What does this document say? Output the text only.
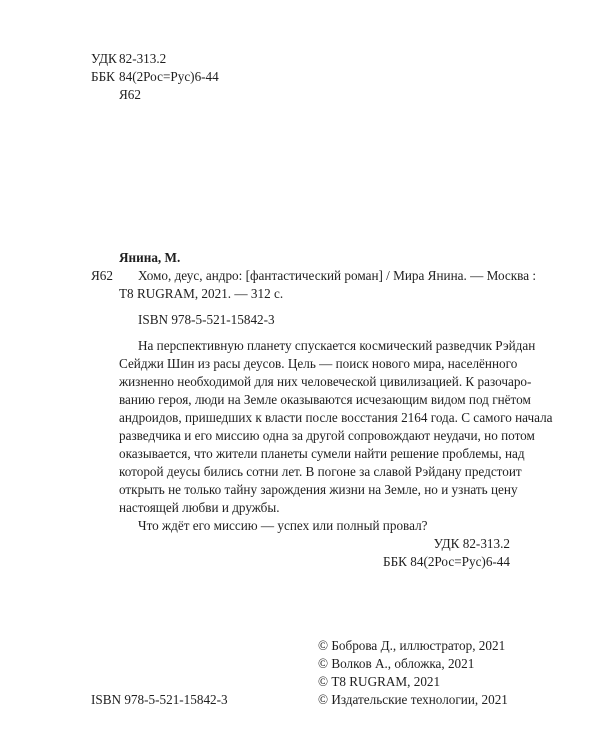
УДК 82-313.2
ББК 84(2Рос=Рус)6-44
Я62
Янина, М.
Я62 Хомо, деус, андро: [фантастический роман] / Мира Янина. — Москва :
Т8 RUGRAM, 2021. — 312 с.
ISBN 978-5-521-15842-3
На перспективную планету спускается космический разведчик Рэйдан
Сейджи Шин из расы деусов. Цель — поиск нового мира, населённого
жизненно необходимой для них человеческой цивилизацией. К разочаро-
ванию героя, люди на Земле оказываются исчезающим видом под гнётом
андроидов, пришедших к власти после восстания 2164 года. С самого начала
разведчика и его миссию одна за другой сопровождают неудачи, но потом
оказывается, что жители планеты сумели найти решение проблемы, над
которой деусы бились сотни лет. В погоне за славой Рэйдану предстоит
открыть не только тайну зарождения жизни на Земле, но и узнать цену
настоящей любви и дружбы.
Что ждёт его миссию — успех или полный провал?
УДК 82-313.2
ББК 84(2Рос=Рус)6-44
© Боброва Д., иллюстратор, 2021
© Волков А., обложка, 2021
© Т8 RUGRAM, 2021
ISBN 978-5-521-15842-3	© Издательские технологии, 2021
